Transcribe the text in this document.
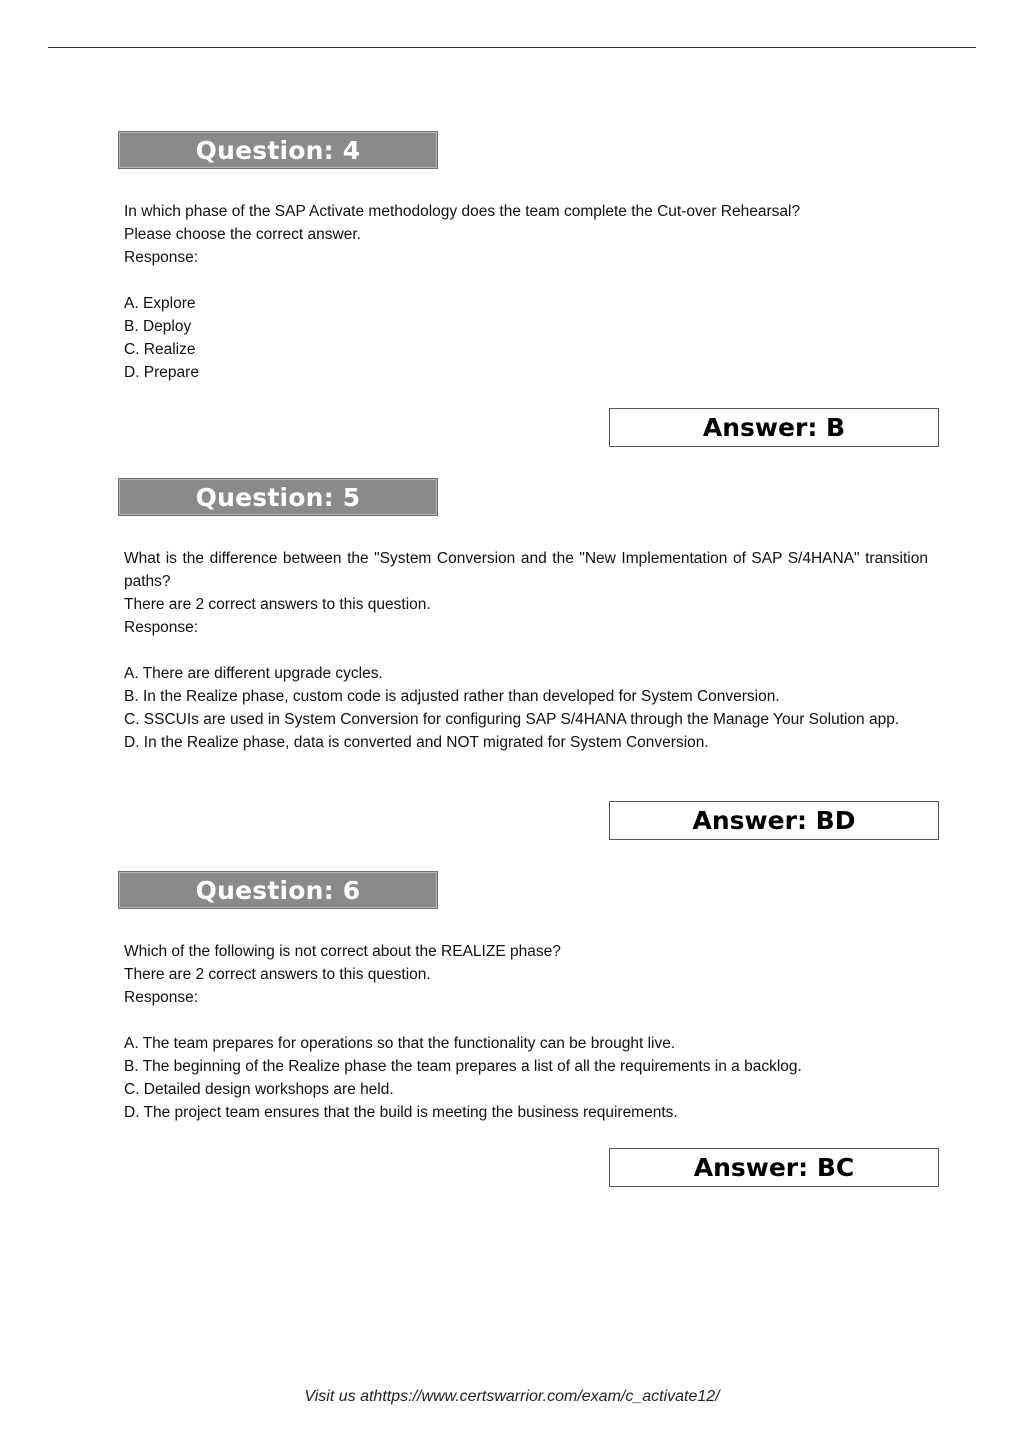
Question: 4
In which phase of the SAP Activate methodology does the team complete the Cut-over Rehearsal?
Please choose the correct answer.
Response:
A. Explore
B. Deploy
C. Realize
D. Prepare
Answer: B
Question: 5
What is the difference between the "System Conversion and the "New Implementation of SAP S/4HANA" transition paths?
There are 2 correct answers to this question.
Response:
A. There are different upgrade cycles.
B. In the Realize phase, custom code is adjusted rather than developed for System Conversion.
C. SSCUIs are used in System Conversion for configuring SAP S/4HANA through the Manage Your Solution app.
D. In the Realize phase, data is converted and NOT migrated for System Conversion.
Answer: BD
Question: 6
Which of the following is not correct about the REALIZE phase?
There are 2 correct answers to this question.
Response:
A. The team prepares for operations so that the functionality can be brought live.
B. The beginning of the Realize phase the team prepares a list of all the requirements in a backlog.
C. Detailed design workshops are held.
D. The project team ensures that the build is meeting the business requirements.
Answer: BC
Visit us athttps://www.certswarrior.com/exam/c_activate12/
